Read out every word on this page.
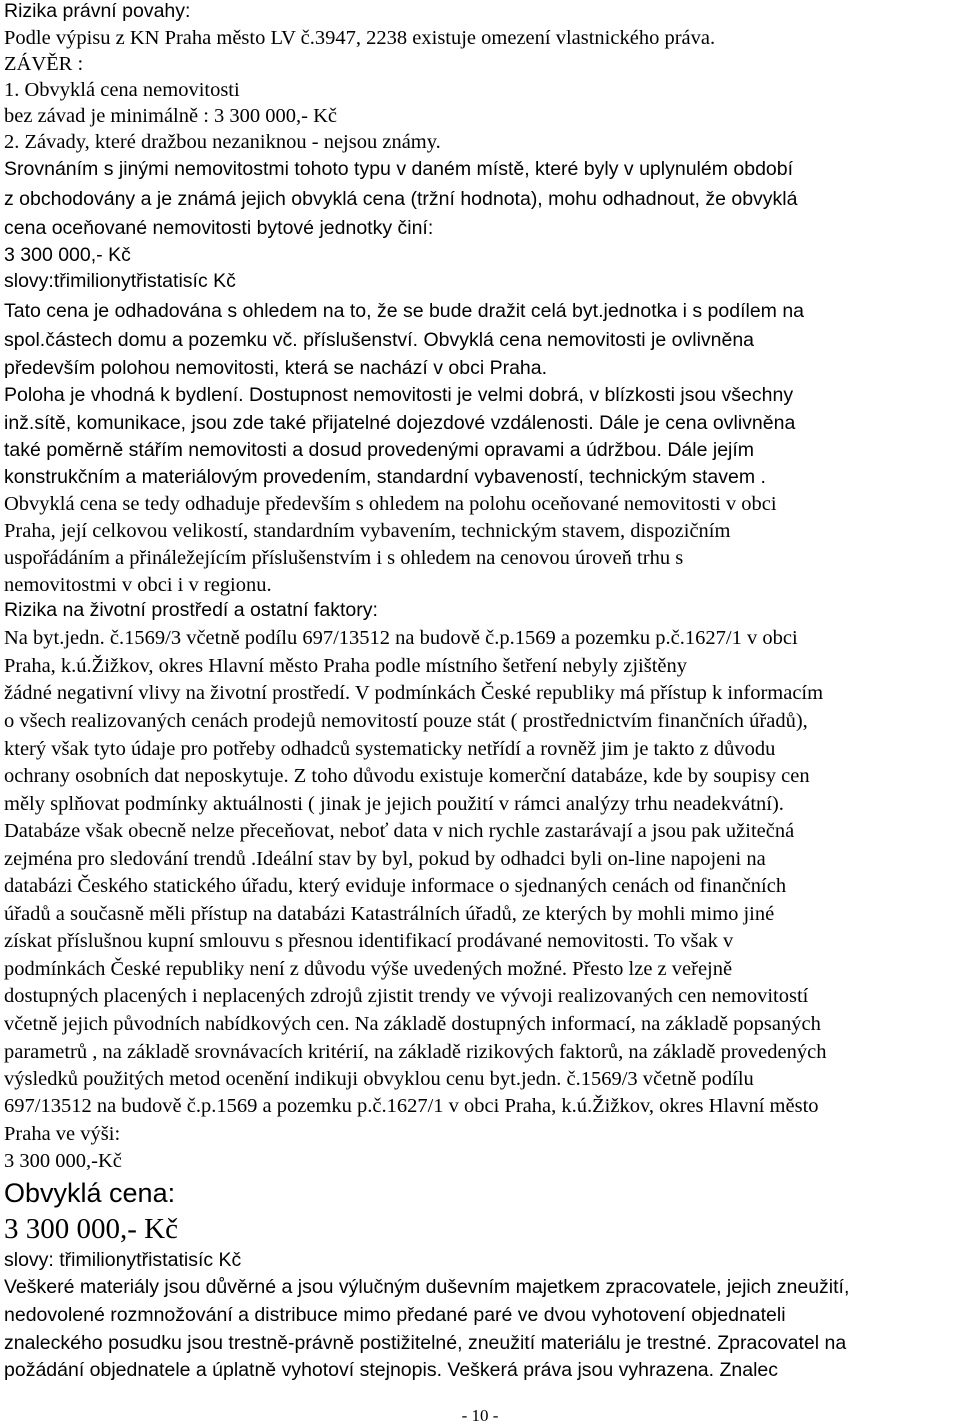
Rizika právní povahy:
Podle výpisu z KN Praha město LV č.3947, 2238 existuje omezení vlastnického práva.
ZÁVĚR :
1. Obvyklá cena nemovitosti
bez závad je minimálně : 3 300 000,- Kč
2. Závady, které dražbou nezaniknou - nejsou známy.
Srovnáním s jinými nemovitostmi tohoto typu v daném místě, které byly v uplynulém období
z obchodovány a je známá jejich obvyklá cena (tržní hodnota), mohu odhadnout, že obvyklá
cena oceňované nemovitosti bytové jednotky činí:
3 300 000,- Kč
slovy:třimilionytřistatisíc Kč
Tato cena je odhadována s ohledem na to, že se bude dražit celá byt.jednotka i s podílem na
spol.částech domu a pozemku vč. příslušenství. Obvyklá cena nemovitosti je ovlivněna
především polohou nemovitosti, která se nachází v obci Praha.
Poloha je vhodná k bydlení. Dostupnost nemovitosti je velmi dobrá, v blízkosti jsou všechny
inž.sítě, komunikace, jsou zde také přijatelné dojezdové vzdálenosti. Dále je cena ovlivněna
také poměrně stářím nemovitosti a dosud provedenými opravami a údržbou. Dále jejím
konstrukčním a materiálovým provedením, standardní vybaveností, technickým stavem .
Obvyklá cena se tedy odhaduje především s ohledem na polohu oceňované nemovitosti v obci
Praha, její celkovou velikostí, standardním vybavením, technickým stavem, dispozičním
uspořádáním a přináležejícím příslušenstvím i s ohledem na cenovou úroveň trhu s
nemovitostmi v obci i v regionu.
Rizika na životní prostředí a ostatní faktory:
Na byt.jedn. č.1569/3 včetně podílu 697/13512 na budově č.p.1569 a pozemku p.č.1627/1 v obci
Praha, k.ú.Žižkov, okres Hlavní město Praha podle místního šetření nebyly zjištěny
žádné negativní vlivy na životní prostředí. V podmínkách České republiky má přístup k informacím
o všech realizovaných cenách prodejů nemovitostí pouze stát ( prostřednictvím finančních úřadů),
který však tyto údaje pro potřeby odhadců systematicky netřídí a rovněž jim je takto z důvodu
ochrany osobních dat neposkytuje. Z toho důvodu existuje komerční databáze, kde by soupisy cen
měly splňovat podmínky aktuálnosti ( jinak je jejich použití v rámci analýzy trhu neadekvátní).
Databáze však obecně nelze přeceňovat, neboť data v nich rychle zastarávají a jsou pak užitečná
zejména pro sledování trendů .Ideální stav by byl, pokud by odhadci byli on-line napojeni na
databázi Českého statického úřadu, který eviduje informace o sjednaných cenách od finančních
úřadů a současně měli přístup na databázi Katastrálních úřadů, ze kterých by mohli mimo jiné
získat příslušnou kupní smlouvu s přesnou identifikací prodávané nemovitosti. To však v
podmínkách České republiky není z důvodu výše uvedených možné. Přesto lze z veřejně
dostupných placených i neplacených zdrojů zjistit trendy ve vývoji realizovaných cen nemovitostí
včetně jejich původních nabídkových cen. Na základě dostupných informací, na základě popsaných
parametrů , na základě srovnávacích kritérií, na základě rizikových faktorů, na základě provedených
výsledků použitých metod ocenění indikuji obvyklou cenu byt.jedn. č.1569/3 včetně podílu
697/13512 na budově č.p.1569 a pozemku p.č.1627/1 v obci Praha, k.ú.Žižkov, okres Hlavní město
Praha ve výši:
3 300 000,-Kč
Obvyklá cena:
3 300 000,- Kč
slovy: třimilionytřistatisíc Kč
Veškeré materiály jsou důvěrné a jsou výlučným duševním majetkem zpracovatele, jejich zneužití,
nedovolené rozmnožování a distribuce mimo předané paré ve dvou vyhotovení objednateli
znaleckého posudku jsou trestně-právně postižitelné, zneužití materiálu je trestné. Zpracovatel na
požádání objednatele a úplatně vyhotoví stejnopis. Veškerá práva jsou vyhrazena. Znalec
- 10 -
